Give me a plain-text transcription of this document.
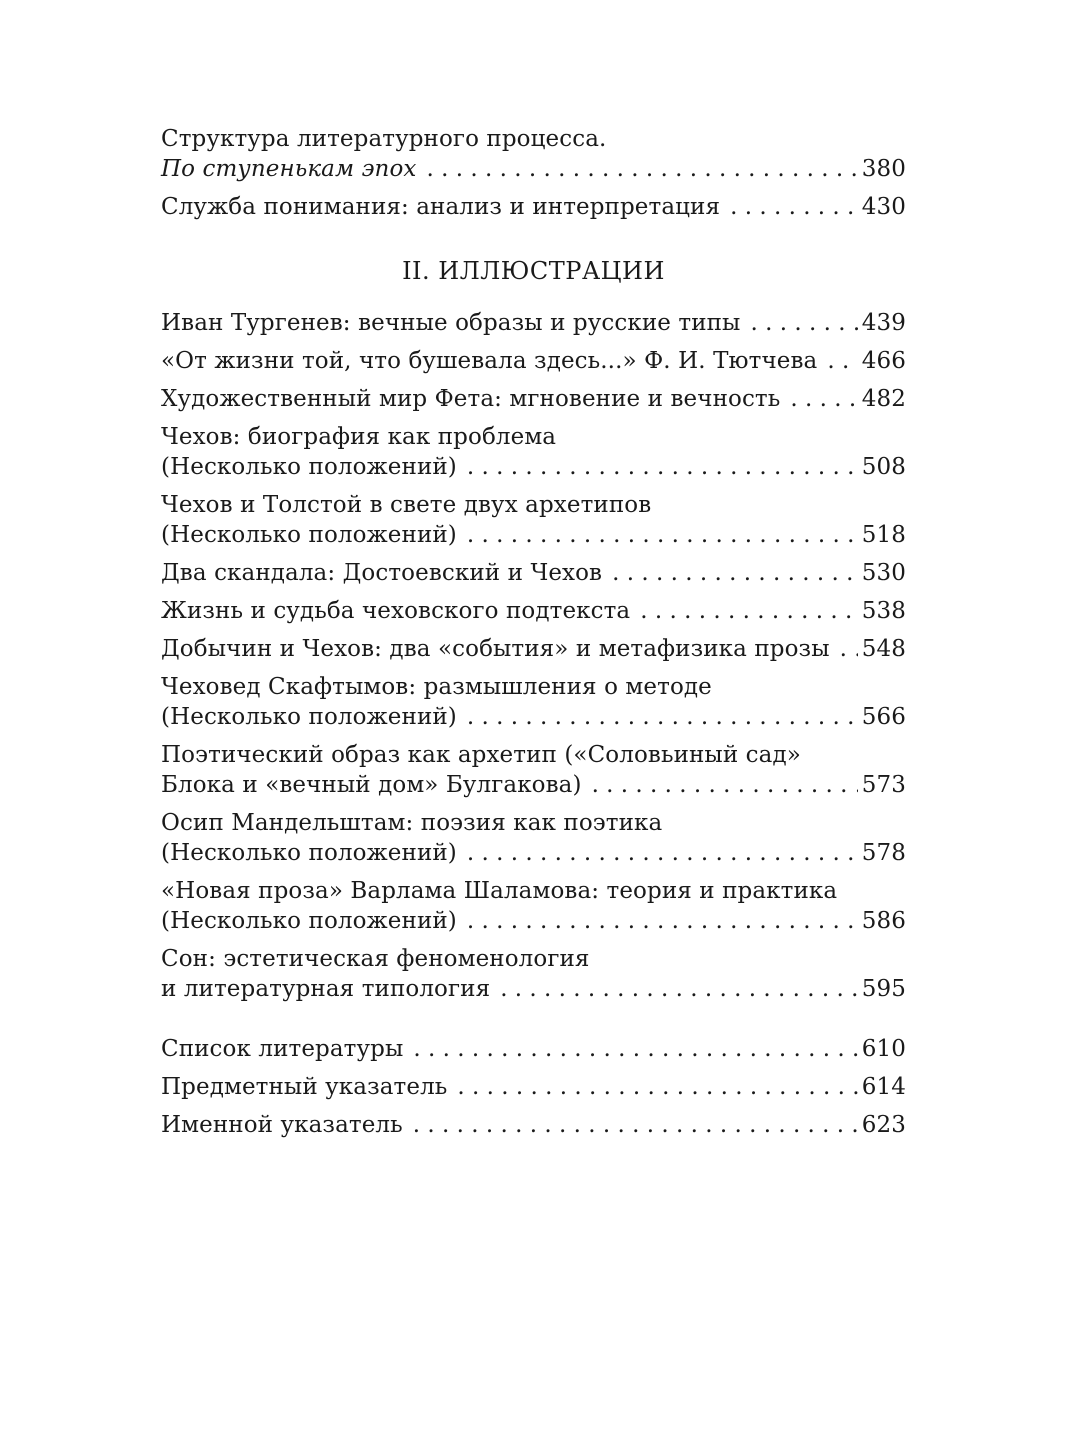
Структура литературного процесса.
По ступенькам эпох . . .	380
Служба понимания: анализ и интерпретация . . .	430
II. ИЛЛЮСТРАЦИИ
Иван Тургенев: вечные образы и русские типы . . .	439
«От жизни той, что бушевала здесь...» Ф. И. Тютчева . . . 466
Художественный мир Фета: мгновение и вечность . . .	482
Чехов: биография как проблема
(Несколько положений) . . .	508
Чехов и Толстой в свете двух архетипов
(Несколько положений) . . .	518
Два скандала: Достоевский и Чехов . . .	530
Жизнь и судьба чеховского подтекста . . .	538
Добычин и Чехов: два «события» и метафизика прозы . . . 548
Чеховед Скафтымов: размышления о методе
(Несколько положений) . . .	566
Поэтический образ как архетип («Соловьиный сад»
Блока и «вечный дом» Булгакова) . . .	573
Осип Мандельштам: поэзия как поэтика
(Несколько положений) . . .	578
«Новая проза» Варлама Шаламова: теория и практика
(Несколько положений) . . .	586
Сон: эстетическая феноменология
и литературная типология . . .	595
Список литературы . . .	610
Предметный указатель . . .	614
Именной указатель . . .	623
